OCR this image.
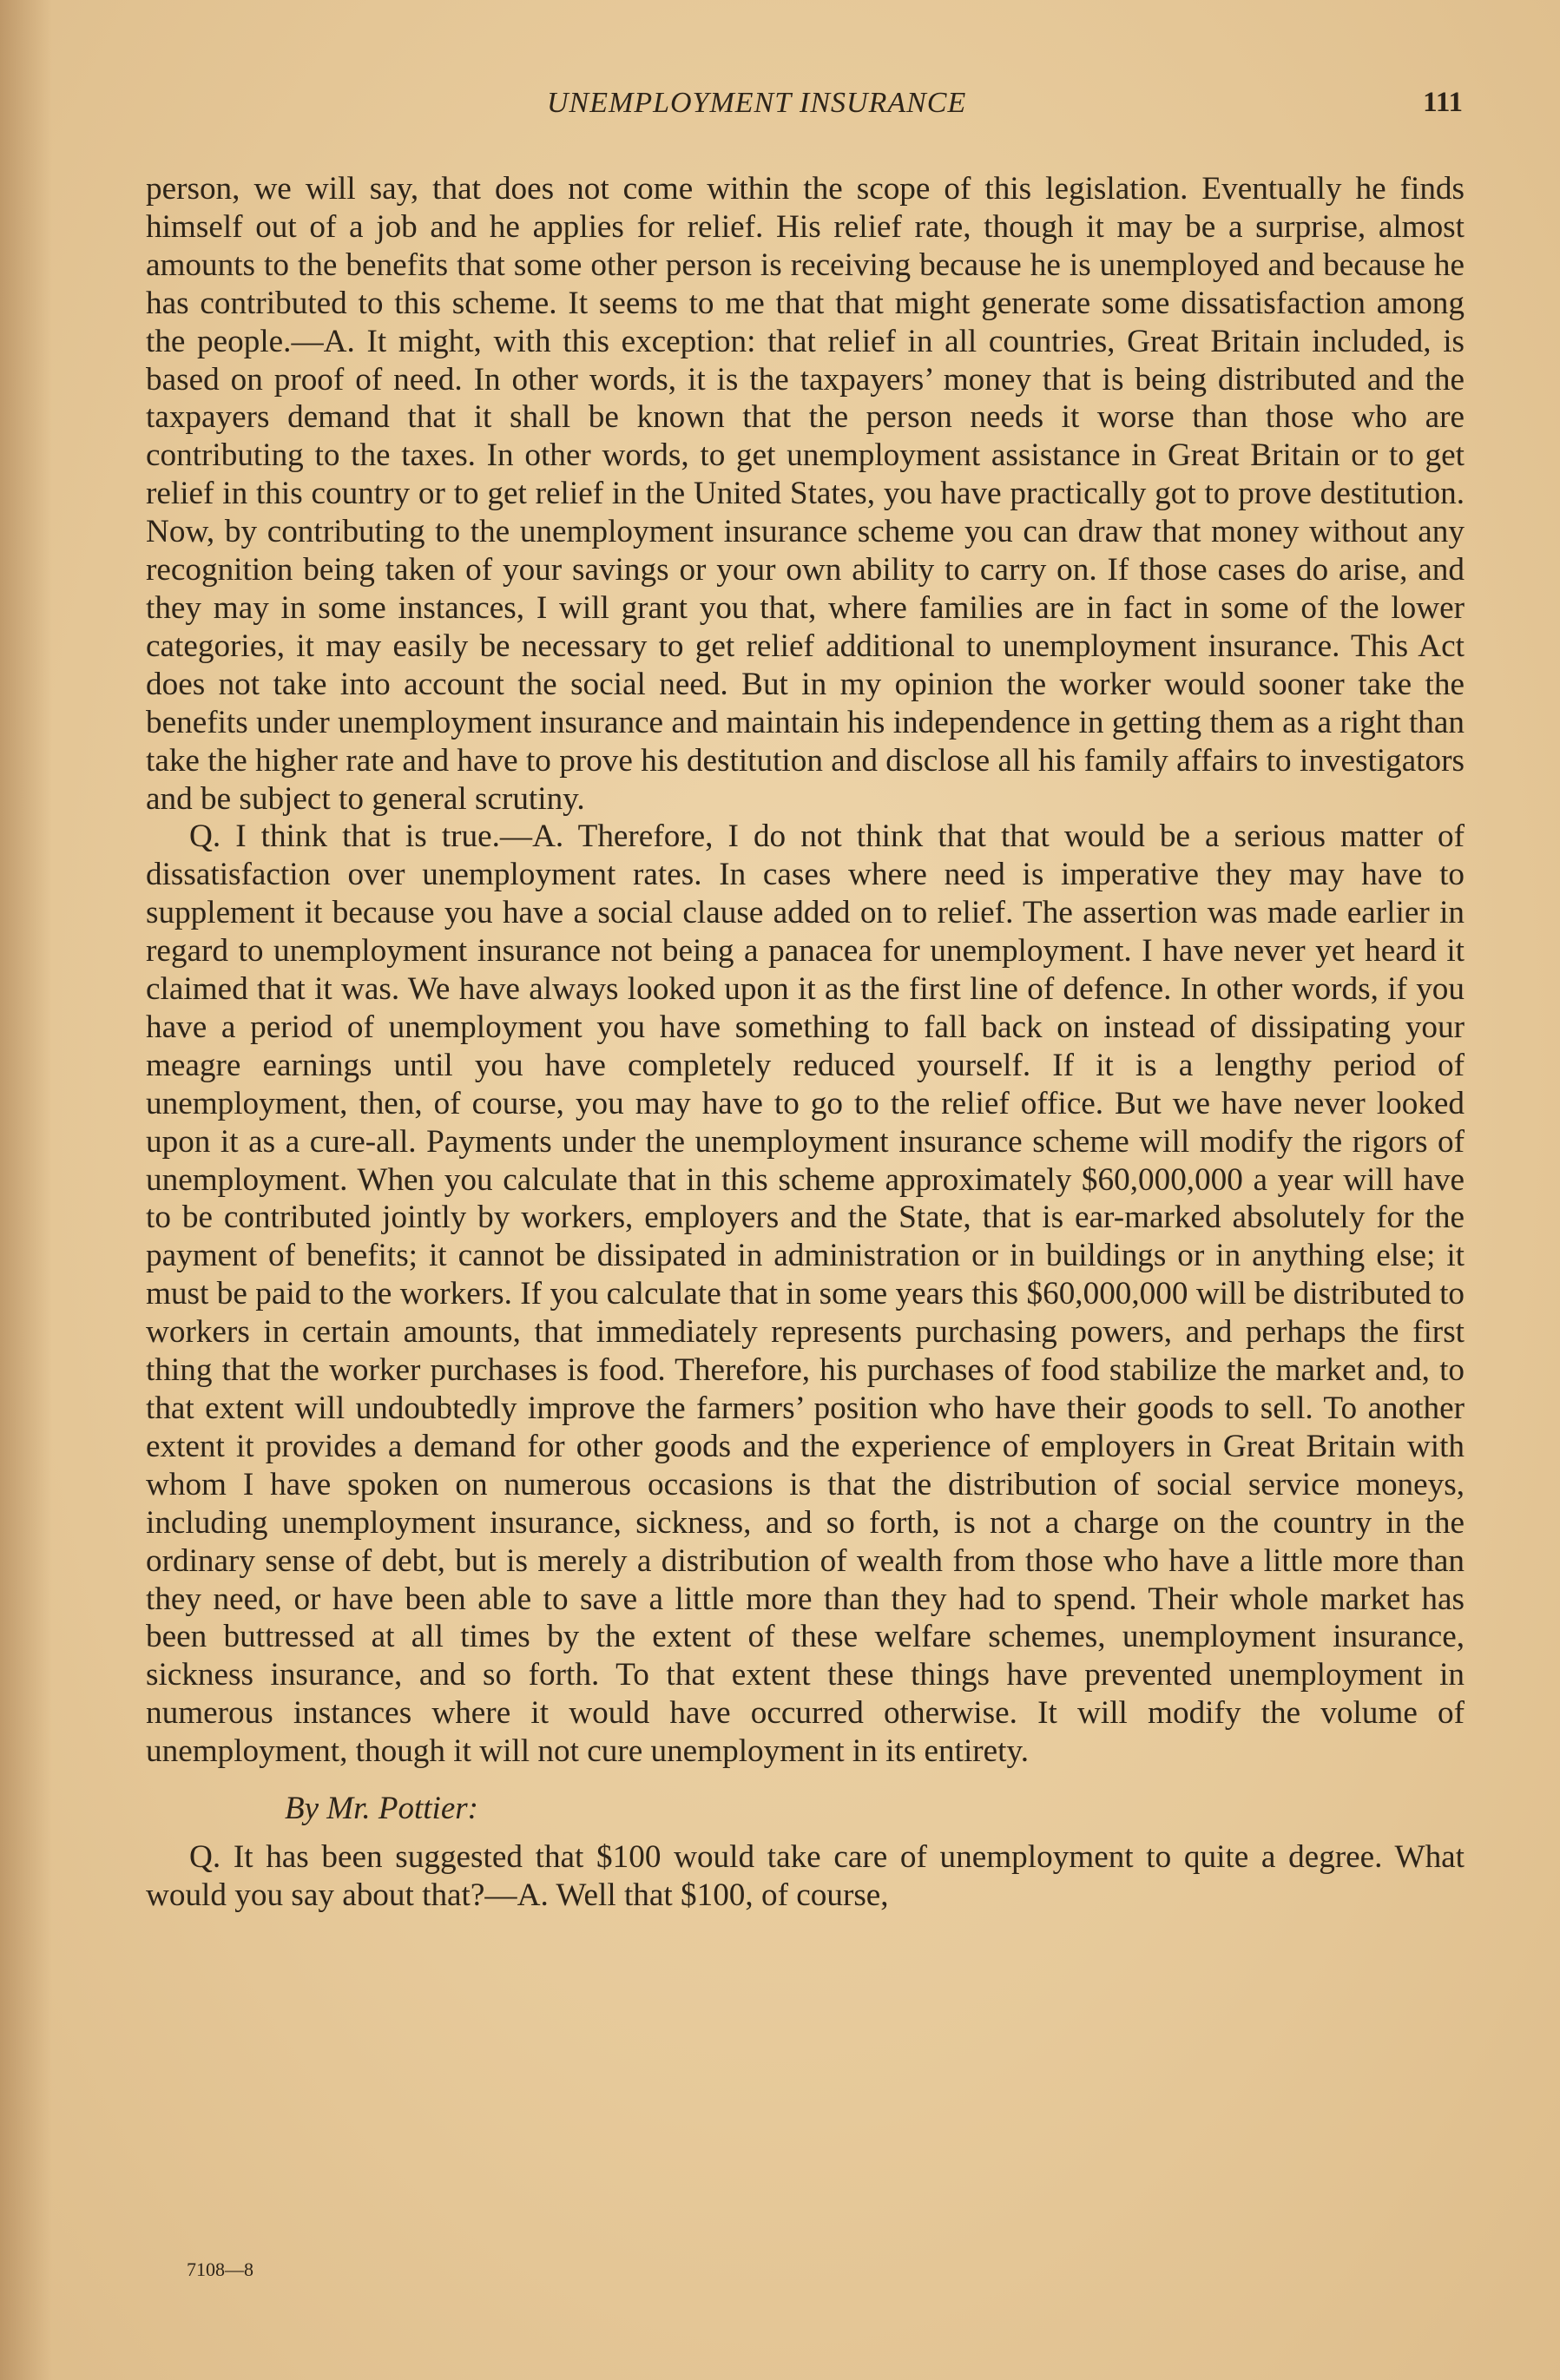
UNEMPLOYMENT INSURANCE	111

person, we will say, that does not come within the scope of this legislation. Eventually he finds himself out of a job and he applies for relief. His relief rate, though it may be a surprise, almost amounts to the benefits that some other person is receiving because he is unemployed and because he has contributed to this scheme. It seems to me that that might generate some dissatisfaction among the people.—A. It might, with this exception: that relief in all countries, Great Britain included, is based on proof of need. In other words, it is the taxpayers’ money that is being distributed and the taxpayers demand that it shall be known that the person needs it worse than those who are contributing to the taxes. In other words, to get unemployment assistance in Great Britain or to get relief in this country or to get relief in the United States, you have practically got to prove destitution. Now, by contributing to the unemployment insurance scheme you can draw that money without any recognition being taken of your savings or your own ability to carry on. If those cases do arise, and they may in some instances, I will grant you that, where families are in fact in some of the lower categories, it may easily be necessary to get relief additional to unemployment insurance. This Act does not take into account the social need. But in my opinion the worker would sooner take the benefits under unemployment insurance and maintain his independence in getting them as a right than take the higher rate and have to prove his destitution and disclose all his family affairs to investigators and be subject to general scrutiny.

Q. I think that is true.—A. Therefore, I do not think that that would be a serious matter of dissatisfaction over unemployment rates. In cases where need is imperative they may have to supplement it because you have a social clause added on to relief. The assertion was made earlier in regard to unemployment insurance not being a panacea for unemployment. I have never yet heard it claimed that it was. We have always looked upon it as the first line of defence. In other words, if you have a period of unemployment you have something to fall back on instead of dissipating your meagre earnings until you have completely reduced yourself. If it is a lengthy period of unemployment, then, of course, you may have to go to the relief office. But we have never looked upon it as a cure-all. Payments under the unemployment insurance scheme will modify the rigors of unemployment. When you calculate that in this scheme approximately $60,000,000 a year will have to be contributed jointly by workers, employers and the State, that is ear-marked absolutely for the payment of benefits; it cannot be dissipated in administration or in buildings or in anything else; it must be paid to the workers. If you calculate that in some years this $60,000,000 will be distributed to workers in certain amounts, that immediately represents purchasing powers, and perhaps the first thing that the worker purchases is food. Therefore, his purchases of food stabilize the market and, to that extent will undoubtedly improve the farmers’ position who have their goods to sell. To another extent it provides a demand for other goods and the experience of employers in Great Britain with whom I have spoken on numerous occasions is that the distribution of social service moneys, including unemployment insurance, sickness, and so forth, is not a charge on the country in the ordinary sense of debt, but is merely a distribution of wealth from those who have a little more than they need, or have been able to save a little more than they had to spend. Their whole market has been buttressed at all times by the extent of these welfare schemes, unemployment insurance, sickness insurance, and so forth. To that extent these things have prevented unemployment in numerous instances where it would have occurred otherwise. It will modify the volume of unemployment, though it will not cure unemployment in its entirety.

By Mr. Pottier:

Q. It has been suggested that $100 would take care of unemployment to quite a degree. What would you say about that?—A. Well that $100, of course,

7108—8
